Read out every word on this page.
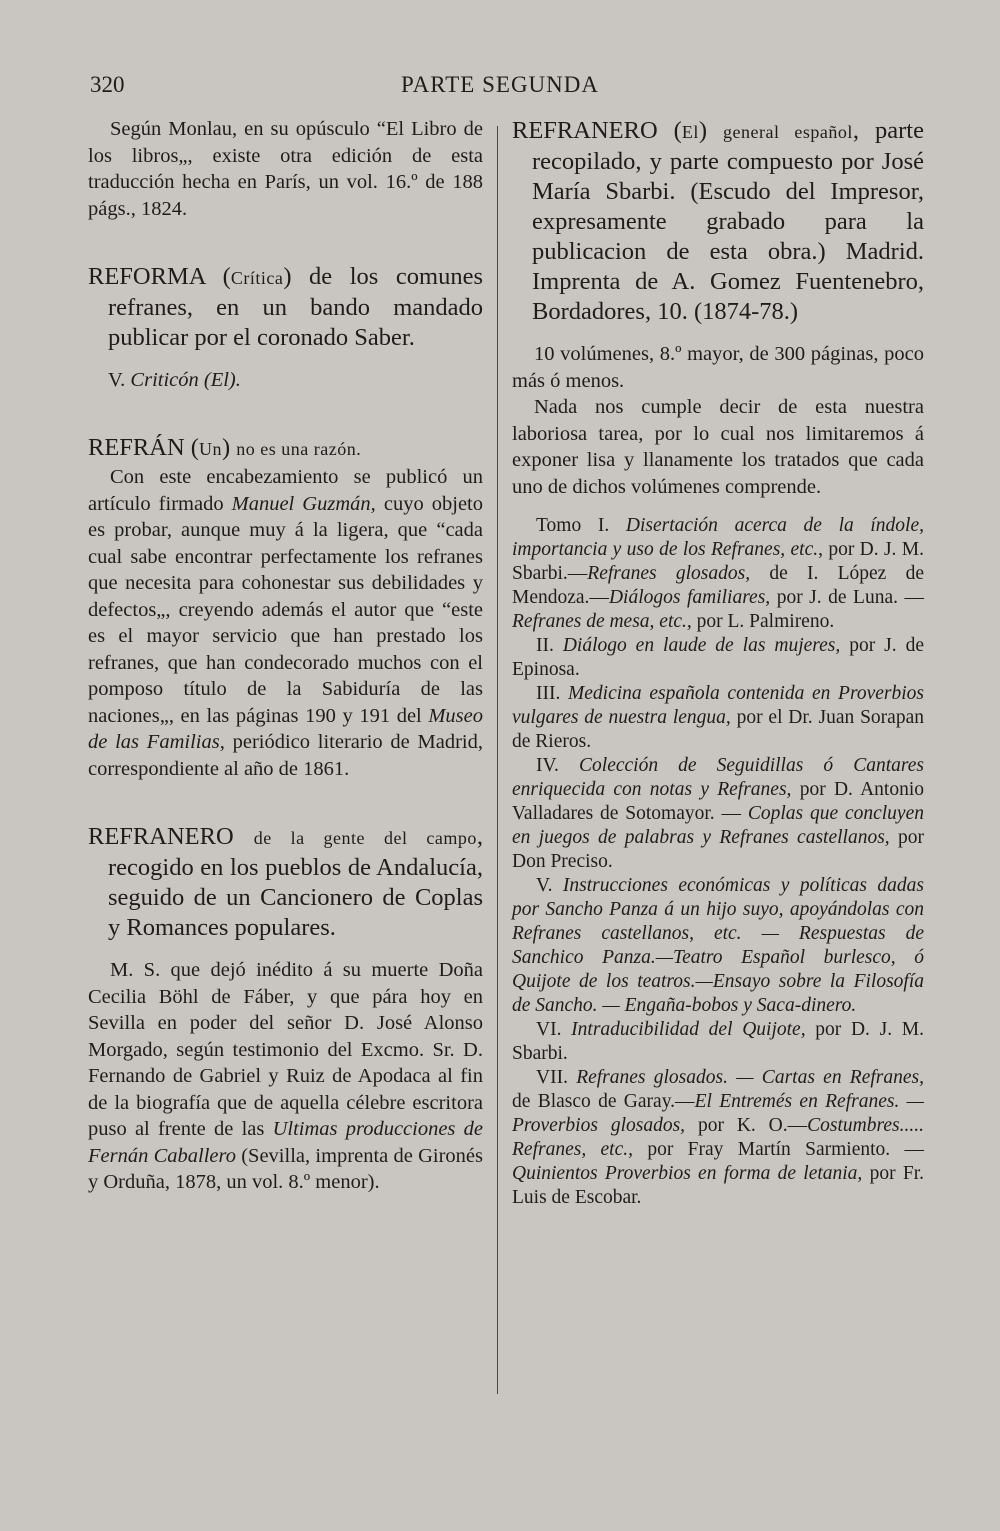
320	PARTE SEGUNDA

Según Monlau, en su opúsculo “El Libro de los libros„, existe otra edición de esta traducción hecha en París, un vol. 16.º de 188 págs., 1824.

REFORMA (Crítica) de los comunes refranes, en un bando mandado publicar por el coronado Saber.

V. Criticón (El).

REFRÁN (Un) no es una razón.

Con este encabezamiento se publicó un artículo firmado Manuel Guzmán, cuyo objeto es probar, aunque muy á la ligera, que “cada cual sabe encontrar perfectamente los refranes que necesita para cohonestar sus debilidades y defectos„, creyendo además el autor que “este es el mayor servicio que han prestado los refranes, que han condecorado muchos con el pomposo título de la Sabiduría de las naciones„, en las páginas 190 y 191 del Museo de las Familias, periódico literario de Madrid, correspondiente al año de 1861.

REFRANERO de la gente del campo, recogido en los pueblos de Andalucía, seguido de un Cancionero de Coplas y Romances populares.

M. S. que dejó inédito á su muerte Doña Cecilia Böhl de Fáber, y que pára hoy en Sevilla en poder del señor D. José Alonso Morgado, según testimonio del Excmo. Sr. D. Fernando de Gabriel y Ruiz de Apodaca al fin de la biografía que de aquella célebre escritora puso al frente de las Ultimas producciones de Fernán Caballero (Sevilla, imprenta de Gironés y Orduña, 1878, un vol. 8.º menor).

REFRANERO (El) general español, parte recopilado, y parte compuesto por José María Sbarbi. (Escudo del Impresor, expresamente grabado para la publicacion de esta obra.) Madrid. Imprenta de A. Gomez Fuentenebro, Bordadores, 10. (1874-78.)

10 volúmenes, 8.º mayor, de 300 páginas, poco más ó menos.

Nada nos cumple decir de esta nuestra laboriosa tarea, por lo cual nos limitaremos á exponer lisa y llanamente los tratados que cada uno de dichos volúmenes comprende.

Tomo I. Disertación acerca de la índole, importancia y uso de los Refranes, etc., por D. J. M. Sbarbi.—Refranes glosados, de I. López de Mendoza.—Diálogos familiares, por J. de Luna. — Refranes de mesa, etc., por L. Palmireno.

II. Diálogo en laude de las mujeres, por J. de Epinosa.

III. Medicina española contenida en Proverbios vulgares de nuestra lengua, por el Dr. Juan Sorapan de Rieros.

IV. Colección de Seguidillas ó Cantares enriquecida con notas y Refranes, por D. Antonio Valladares de Sotomayor. — Coplas que concluyen en juegos de palabras y Refranes castellanos, por Don Preciso.

V. Instrucciones económicas y políticas dadas por Sancho Panza á un hijo suyo, apoyándolas con Refranes castellanos, etc. — Respuestas de Sanchico Panza.—Teatro Español burlesco, ó Quijote de los teatros.—Ensayo sobre la Filosofía de Sancho. — Engaña-bobos y Saca-dinero.

VI. Intraducibilidad del Quijote, por D. J. M. Sbarbi.

VII. Refranes glosados. — Cartas en Refranes, de Blasco de Garay.—El Entremés en Refranes. — Proverbios glosados, por K. O.—Costumbres..... Refranes, etc., por Fray Martín Sarmiento. —Quinientos Proverbios en forma de letania, por Fr. Luis de Escobar.
